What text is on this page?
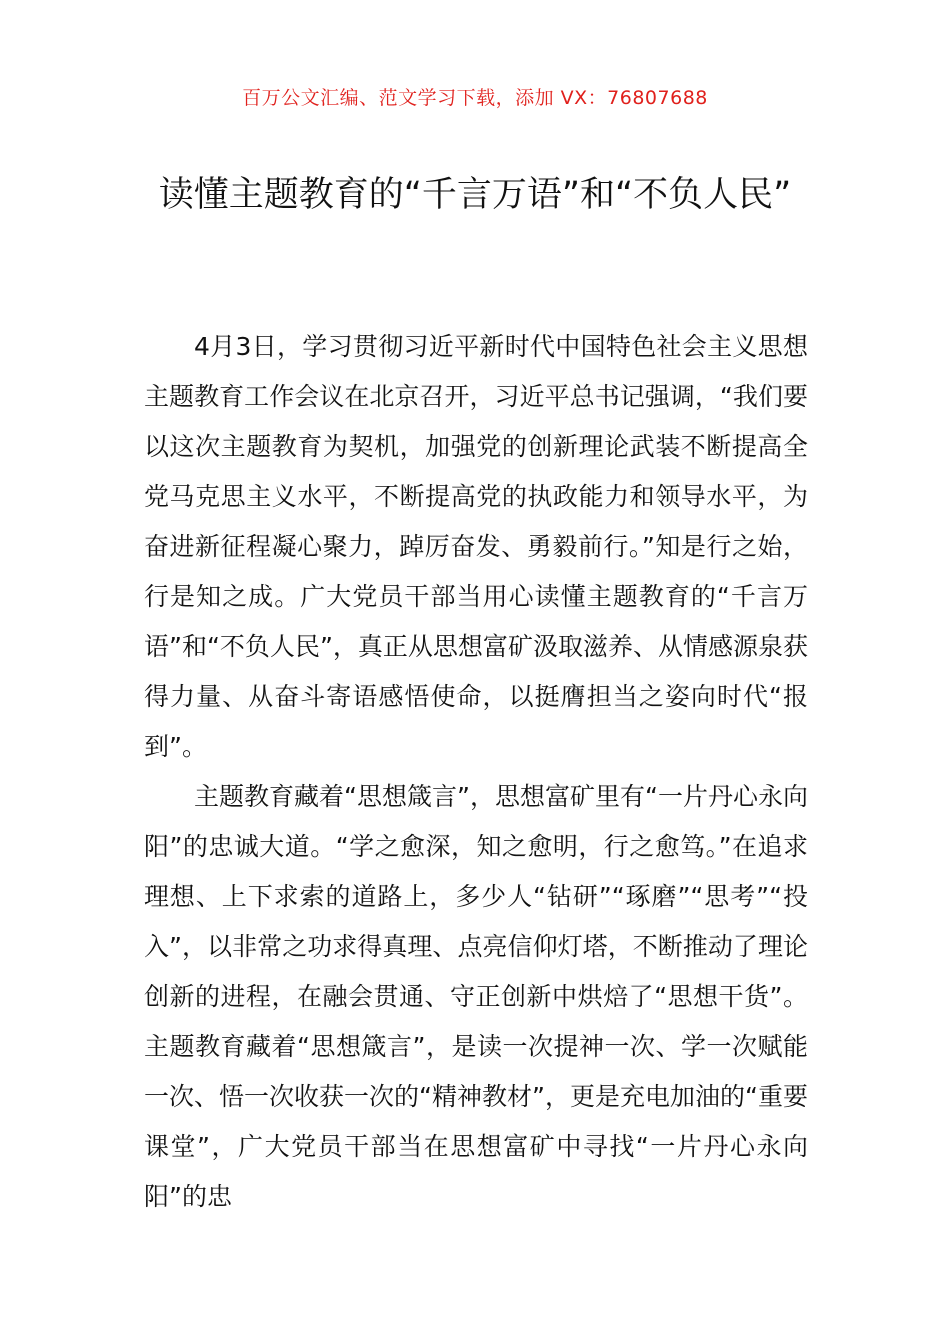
百万公文汇编、范文学习下载，添加 VX：76807688
读懂主题教育的“千言万语”和“不负人民”

4月3日，学习贯彻习近平新时代中国特色社会主义思想主题教育工作会议在北京召开，习近平总书记强调，“我们要以这次主题教育为契机，加强党的创新理论武装不断提高全党马克思主义水平，不断提高党的执政能力和领导水平，为奋进新征程凝心聚力，踔厉奋发、勇毅前行。”知是行之始，行是知之成。广大党员干部当用心读懂主题教育的“千言万语”和“不负人民”，真正从思想富矿汲取滋养、从情感源泉获得力量、从奋斗寄语感悟使命，以挺膺担当之姿向时代“报到”。

主题教育藏着“思想箴言”，思想富矿里有“一片丹心永向阳”的忠诚大道。“学之愈深，知之愈明，行之愈笃。”在追求理想、上下求索的道路上，多少人“钻研”“琢磨”“思考”“投入”，以非常之功求得真理、点亮信仰灯塔，不断推动了理论创新的进程，在融会贯通、守正创新中烘焙了“思想干货”。主题教育藏着“思想箴言”，是读一次提神一次、学一次赋能一次、悟一次收获一次的“精神教材”，更是充电加油的“重要课堂”，广大党员干部当在思想富矿中寻找“一片丹心永向阳”的忠
